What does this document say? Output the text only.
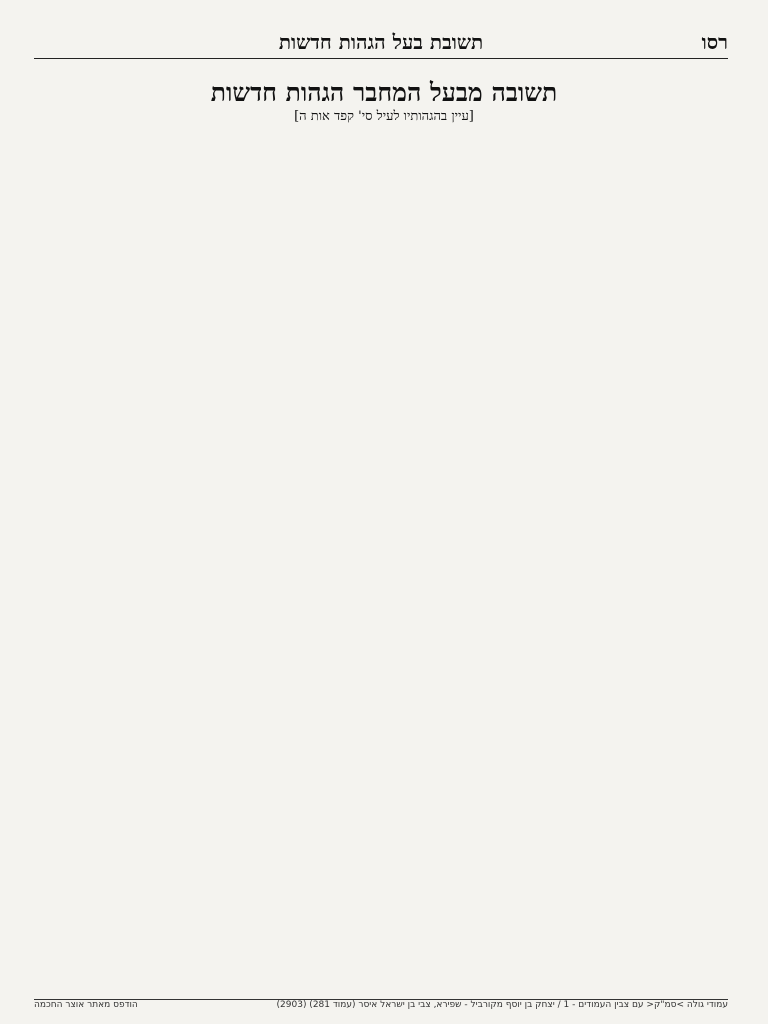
תשובת בעל הגהות חדשות	רסו
תשובה מבעל המחבר הגהות חדשות
[עיין בהגהותיו לעיל סי' קפד אות ה]
עמודי גולה >סמ"ק< עם צבין העמודים - 1 / יצחק בן יוסף מקורביל - שפירא, צבי בן ישראל איסר (עמוד 281) (2903)
הודפס מאתר אוצר החכמה
